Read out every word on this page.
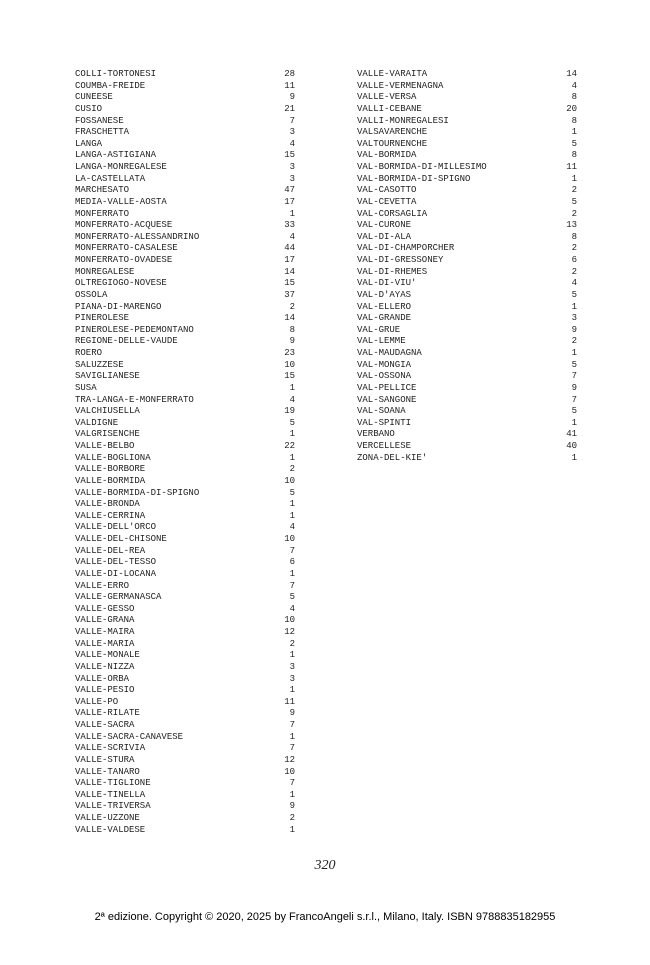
COLLI-TORTONESI	28
COUMBA-FREIDE	11
CUNEESE	9
CUSIO	21
FOSSANESE	7
FRASCHETTA	3
LANGA	4
LANGA-ASTIGIANA	15
LANGA-MONREGALESE	3
LA-CASTELLATA	3
MARCHESATO	47
MEDIA-VALLE-AOSTA	17
MONFERRATO	1
MONFERRATO-ACQUESE	33
MONFERRATO-ALESSANDRINO	4
MONFERRATO-CASALESE	44
MONFERRATO-OVADESE	17
MONREGALESE	14
OLTREGIOGO-NOVESE	15
OSSOLA	37
PIANA-DI-MARENGO	2
PINEROLESE	14
PINEROLESE-PEDEMONTANO	8
REGIONE-DELLE-VAUDE	9
ROERO	23
SALUZZESE	10
SAVIGLIANESE	15
SUSA	1
TRA-LANGA-E-MONFERRATO	4
VALCHIUSELLA	19
VALDIGNE	5
VALGRISENCHE	1
VALLE-BELBO	22
VALLE-BOGLIONA	1
VALLE-BORBORE	2
VALLE-BORMIDA	10
VALLE-BORMIDA-DI-SPIGNO	5
VALLE-BRONDA	1
VALLE-CERRINA	1
VALLE-DELL'ORCO	4
VALLE-DEL-CHISONE	10
VALLE-DEL-REA	7
VALLE-DEL-TESSO	6
VALLE-DI-LOCANA	1
VALLE-ERRO	7
VALLE-GERMANASCA	5
VALLE-GESSO	4
VALLE-GRANA	10
VALLE-MAIRA	12
VALLE-MARIA	2
VALLE-MONALE	1
VALLE-NIZZA	3
VALLE-ORBA	3
VALLE-PESIO	1
VALLE-PO	11
VALLE-RILATE	9
VALLE-SACRA	7
VALLE-SACRA-CANAVESE	1
VALLE-SCRIVIA	7
VALLE-STURA	12
VALLE-TANARO	10
VALLE-TIGLIONE	7
VALLE-TINELLA	1
VALLE-TRIVERSA	9
VALLE-UZZONE	2
VALLE-VALDESE	1
VALLE-VARAITA	14
VALLE-VERMENAGNA	4
VALLE-VERSA	8
VALLI-CEBANE	20
VALLI-MONREGALESI	8
VALSAVARENCHE	1
VALTOURNENCHE	5
VAL-BORMIDA	8
VAL-BORMIDA-DI-MILLESIMO	11
VAL-BORMIDA-DI-SPIGNO	1
VAL-CASOTTO	2
VAL-CEVETTA	5
VAL-CORSAGLIA	2
VAL-CURONE	13
VAL-DI-ALA	8
VAL-DI-CHAMPORCHER	2
VAL-DI-GRESSONEY	6
VAL-DI-RHEMES	2
VAL-DI-VIU'	4
VAL-D'AYAS	5
VAL-ELLERO	1
VAL-GRANDE	3
VAL-GRUE	9
VAL-LEMME	2
VAL-MAUDAGNA	1
VAL-MONGIA	5
VAL-OSSONA	7
VAL-PELLICE	9
VAL-SANGONE	7
VAL-SOANA	5
VAL-SPINTI	1
VERBANO	41
VERCELLESE	40
ZONA-DEL-KIE'	1
320
2ª edizione. Copyright © 2020, 2025 by FrancoAngeli s.r.l., Milano, Italy. ISBN 9788835182955
